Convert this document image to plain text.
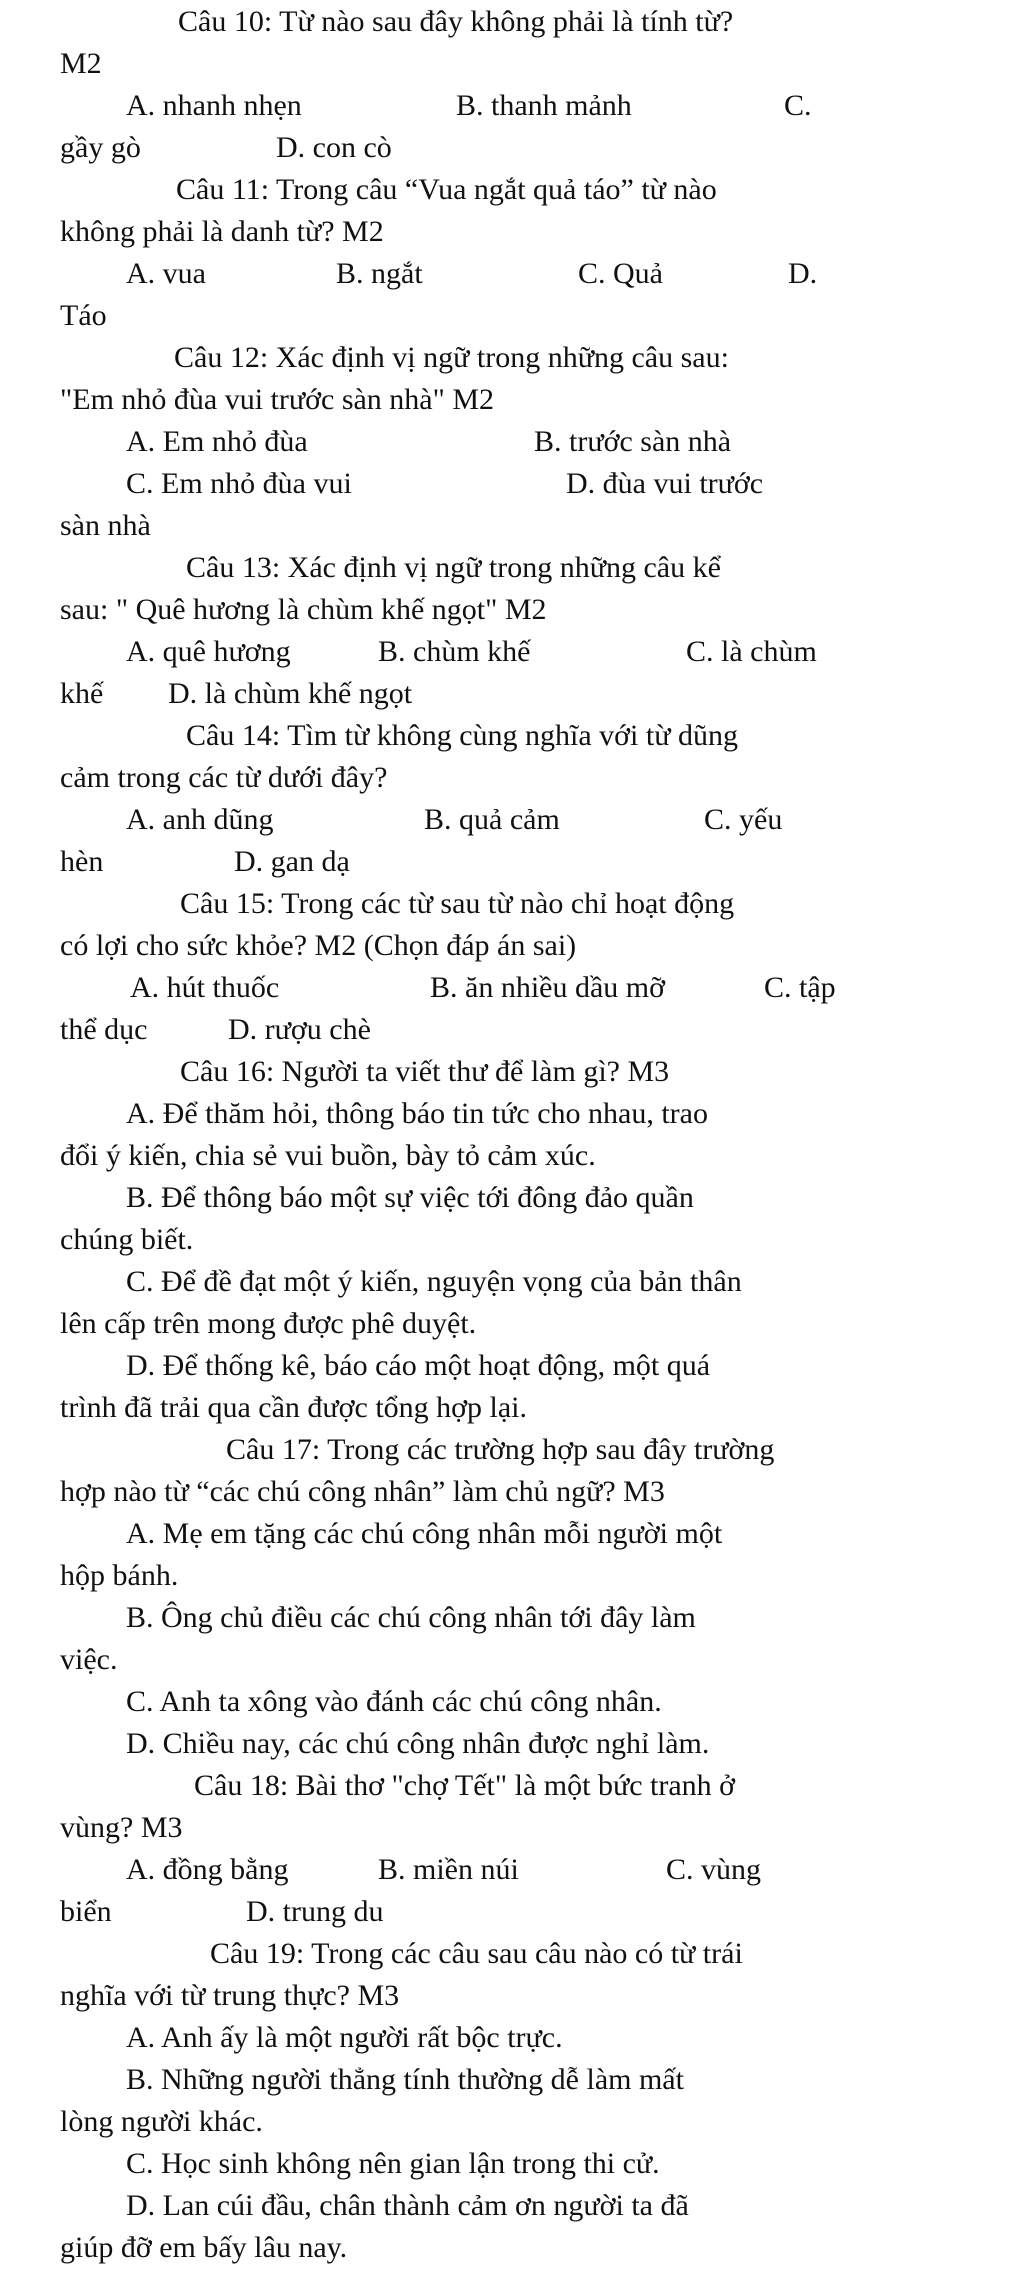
Câu 10: Từ nào sau đây không phải là tính từ?
M2
A. nhanh nhẹn	B. thanh mảnh	C.
gầy gò	D. con cò
Câu 11: Trong câu “Vua ngắt quả táo” từ nào
không phải là danh từ? M2
A. vua	B. ngắt	C. Quả	D.
Táo
Câu 12: Xác định vị ngữ trong những câu sau:
"Em nhỏ đùa vui trước sàn nhà" M2
A. Em nhỏ đùa	B. trước sàn nhà
C. Em nhỏ đùa vui	D. đùa vui trước
sàn nhà
Câu 13: Xác định vị ngữ trong những câu kể
sau: " Quê hương là chùm khế ngọt" M2
A. quê hương	B. chùm khế	C. là chùm
khế D. là chùm khế ngọt
Câu 14: Tìm từ không cùng nghĩa với từ dũng
cảm trong các từ dưới đây?
A. anh dũng	B. quả cảm	C. yếu
hèn	D. gan dạ
Câu 15: Trong các từ sau từ nào chỉ hoạt động
có lợi cho sức khỏe? M2 (Chọn đáp án sai)
A. hút thuốc	B. ăn nhiều dầu mỡ	C. tập
thể dục	D. rượu chè
Câu 16: Người ta viết thư để làm gì? M3
A. Để thăm hỏi, thông báo tin tức cho nhau, trao
đổi ý kiến, chia sẻ vui buồn, bày tỏ cảm xúc.
B. Để thông báo một sự việc tới đông đảo quần
chúng biết.
C. Để đề đạt một ý kiến, nguyện vọng của bản thân
lên cấp trên mong được phê duyệt.
D. Để thống kê, báo cáo một hoạt động, một quá
trình đã trải qua cần được tổng hợp lại.
Câu 17: Trong các trường hợp sau đây trường
hợp nào từ “các chú công nhân” làm chủ ngữ? M3
A. Mẹ em tặng các chú công nhân mỗi người một
hộp bánh.
B. Ông chủ điều các chú công nhân tới đây làm
việc.
C. Anh ta xông vào đánh các chú công nhân.
D. Chiều nay, các chú công nhân được nghỉ làm.
Câu 18: Bài thơ "chợ Tết" là một bức tranh ở
vùng? M3
A. đồng bằng	B. miền núi	C. vùng
biển	D. trung du
Câu 19: Trong các câu sau câu nào có từ trái
nghĩa với từ trung thực? M3
A. Anh ấy là một người rất bộc trực.
B. Những người thẳng tính thường dễ làm mất
lòng người khác.
C. Học sinh không nên gian lận trong thi cử.
D. Lan cúi đầu, chân thành cảm ơn người ta đã
giúp đỡ em bấy lâu nay.
